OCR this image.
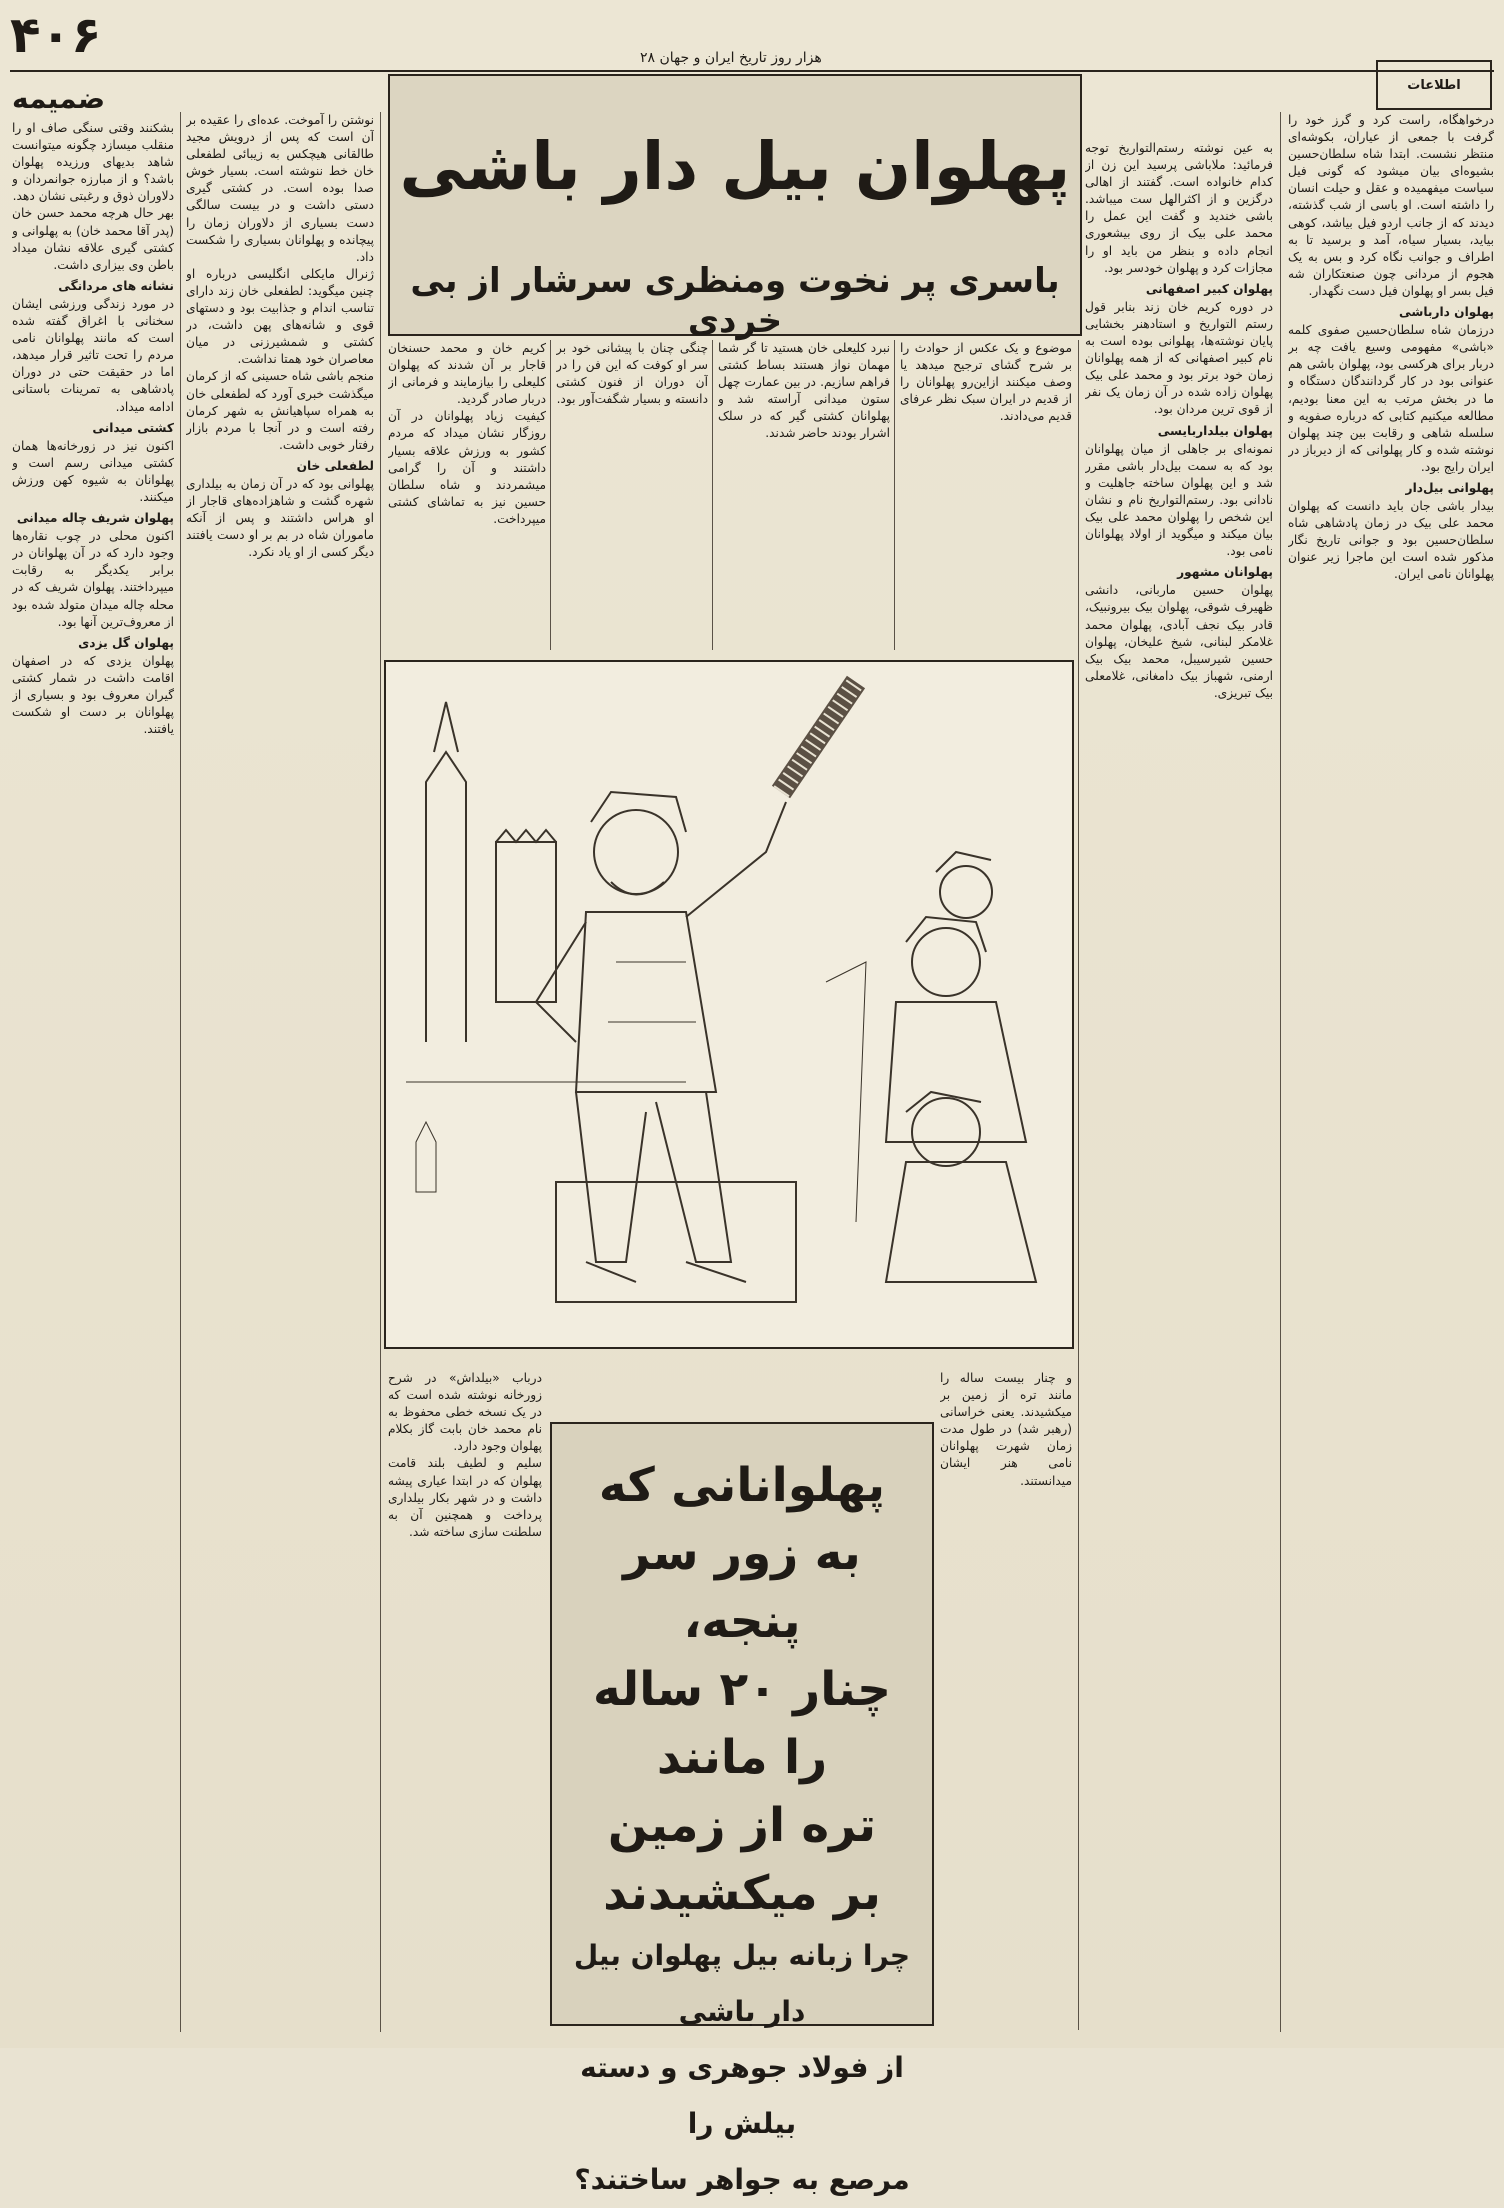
۴۰۶	۲۸ هزار روز تاریخ ایران و جهان
اطلاعات
ضمیمه
پهلوان بیل دار باشی
باسری پر نخوت ومنظری سرشار از بی خردی

درخواهگاه، راست کرد و گرز خود را گرفت با جمعی از عیاران، بکوشه‌ای منتظر نشست. ابتدا شاه سلطان‌حسین بشیوه‌ای بیان میشود که گونی فیل سیاست میفهمیده و عقل و حیلت انسان را داشته است. او باسی از شب گذشته، دیدند که از جانب اردو فیل بیاشد، کوهی بیاید، بسیار سیاه، آمد و برسید تا به اطراف و جوانب نگاه کرد و بس به یک هجوم از مردانی چون صنعتکاران شه فیل بسر او پهلوان فیل دست نگهدار.

پهلوان دارباشی

درزمان شاه سلطان‌حسین صفوی کلمه «باشی» مفهومی وسیع یافت چه بر دربار برای هرکسی بود، پهلوان باشی هم عنوانی بود در کار گردانندگان دستگاه و ما در بخش مرتب به این معنا بودیم، مطالعه میکنیم کتابی که درباره صفویه و سلسله شاهی و رقابت بین چند پهلوان نوشته شده و کار پهلوانی که از دیرباز در ایران رایج بود.

پهلوانی بیل‌دار

بیدار باشی جان باید دانست که پهلوان محمد علی بیک در زمان پادشاهی شاه سلطان‌حسین بود و جوانی تاریخ نگار مذکور شده است این ماجرا زیر عنوان پهلوانان نامی ایران.

به عین نوشته رستم‌التواریخ توجه فرمائید: ملاباشی پرسید این زن از کدام خانواده است. گفتند از اهالی درگزین و از اکثرالهل ست میباشد. باشی خندید و گفت این عمل را محمد علی بیک از روی بیشعوری انجام داده و بنظر من باید او را مجازات کرد و پهلوان خودسر بود.

پهلوان کبیر اصفهانی

در دوره کریم خان زند بنابر قول رستم التواریخ و استادهنر بخشایی پایان نوشته‌ها، پهلوانی بوده است به نام کبیر اصفهانی که از همه پهلوانان زمان خود برتر بود و محمد علی بیک پهلوان زاده شده در آن زمان یک نفر از قوی ترین مردان بود.

پهلوان بیلداربایسی

نمونه‌ای بر جاهلی از میان پهلوانان بود که به سمت بیل‌دار باشی مقرر شد و این پهلوان ساخته جاهلیت و نادانی بود. رستم‌التواریخ نام و نشان این شخص را پهلوان محمد علی بیک بیان میکند و میگوید از اولاد پهلوانان نامی بود.

پهلوانان مشهور

پهلوان حسین ماربانی، دانشی ظهیرف شوقی، پهلوان بیک بیرونبیک، قادر بیک نجف آبادی، پهلوان محمد غلامکر لبنانی، شیخ علیخان، پهلوان حسین شیرسیبل، محمد بیک بیک ارمنی، شهباز بیک دامغانی، غلامعلی بیک تبریزی.

موضوع و یک عکس از حوادث را بر شرح گشای ترجیح میدهد یا وصف میکنند ازاین‌رو پهلوانان را از قدیم در ایران سبک نظر عرفای قدیم می‌دادند.

نبرد کلیعلی خان هستید تا گر شما مهمان نواز هستند بساط کشتی فراهم سازیم. در بین عمارت چهل ستون میدانی آراسته شد و پهلوانان کشتی گیر که در سلک اشرار بودند حاضر شدند.

چنگی چنان با پیشانی خود بر سر او کوفت که این فن را در آن دوران از فنون کشتی دانسته و بسیار شگفت‌آور بود.

کریم خان و محمد حسنخان قاجار بر آن شدند که پهلوان کلیعلی را بیازمایند و فرمانی از دربار صادر گردید.

کیفیت زیاد پهلوانان در آن روزگار نشان میداد که مردم کشور به ورزش علاقه بسیار داشتند و آن را گرامی میشمردند و شاه سلطان حسین نیز به تماشای کشتی میپرداخت.

نوشتن را آموخت. عده‌ای را عقیده بر آن است که پس از درویش مجید طالقانی هیچکس به زیبائی لطفعلی خان خط ننوشته است. بسیار خوش صدا بوده است. در کشتی گیری دستی داشت و در بیست سالگی دست بسیاری از دلاوران زمان را پیچانده و پهلوانان بسیاری را شکست داد.

ژنرال مایکلی انگلیسی درباره او چنین میگوید: لطفعلی خان زند دارای تناسب اندام و جذابیت بود و دستهای قوی و شانه‌های پهن داشت، در کشتی و شمشیرزنی در میان معاصران خود همتا نداشت.

منجم باشی شاه حسینی که از کرمان میگذشت خبری آورد که لطفعلی خان به همراه سپاهیانش به شهر کرمان رفته است و در آنجا با مردم بازار رفتار خوبی داشت.

لطفعلی خان

پهلوانی بود که در آن زمان به بیلداری شهره گشت و شاهزاده‌های قاجار از او هراس داشتند و پس از آنکه ماموران شاه در بم بر او دست یافتند دیگر کسی از او یاد نکرد.

بشکنند وقتی سنگی صاف او را منقلب میسازد چگونه میتوانست شاهد بدیهای ورزیده پهلوان باشد؟ و از مبارزه جوانمردان و دلاوران ذوق و رغبتی نشان دهد.

بهر حال هرچه محمد حسن خان (پدر آقا محمد خان) به پهلوانی و کشتی گیری علاقه نشان میداد باطن وی بیزاری داشت.

نشانه های مردانگی

در مورد زندگی ورزشی ایشان سخنانی با اغراق گفته شده است که مانند پهلوانان نامی مردم را تحت تاثیر قرار میدهد، اما در حقیقت حتی در دوران پادشاهی به تمرینات باستانی ادامه میداد.

کشتی میدانی

اکنون نیز در زورخانه‌ها همان کشتی میدانی رسم است و پهلوانان به شیوه کهن ورزش میکنند.

پهلوان شریف چاله میدانی

اکنون محلی در چوب نقاره‌ها وجود دارد که در آن پهلوانان در برابر یکدیگر به رقابت میپرداختند. پهلوان شریف که در محله چاله میدان متولد شده بود از معروف‌ترین آنها بود.

پهلوان گل یزدی

پهلوان یزدی که در اصفهان اقامت داشت در شمار کشتی گیران معروف بود و بسیاری از پهلوانان بر دست او شکست یافتند.

و چنار بیست ساله را مانند تره از زمین بر میکشیدند. یعنی خراسانی (رهبر شد) در طول مدت زمان شهرت پهلوانان نامی هنر ایشان میدانستند.

درباب «بیلداش» در شرح زورخانه نوشته شده است که در یک نسخه خطی محفوظ به نام محمد خان بابت گاز بکلام پهلوان وجود دارد.

سلیم و لطیف بلند قامت پهلوان که در ابتدا عیاری پیشه داشت و در شهر بکار بیلداری پرداخت و همچنین آن به سلطنت سازی ساخته شد.

پهلوانانی که
به زور سر پنجه،
چنار ۲۰ ساله را مانند
تره از زمین
بر میکشیدند
چرا زبانه بیل پهلوان بیل دار باشی
از فولاد جوهری و دسته بیلش را
مرصع به جواهر ساختند؟
